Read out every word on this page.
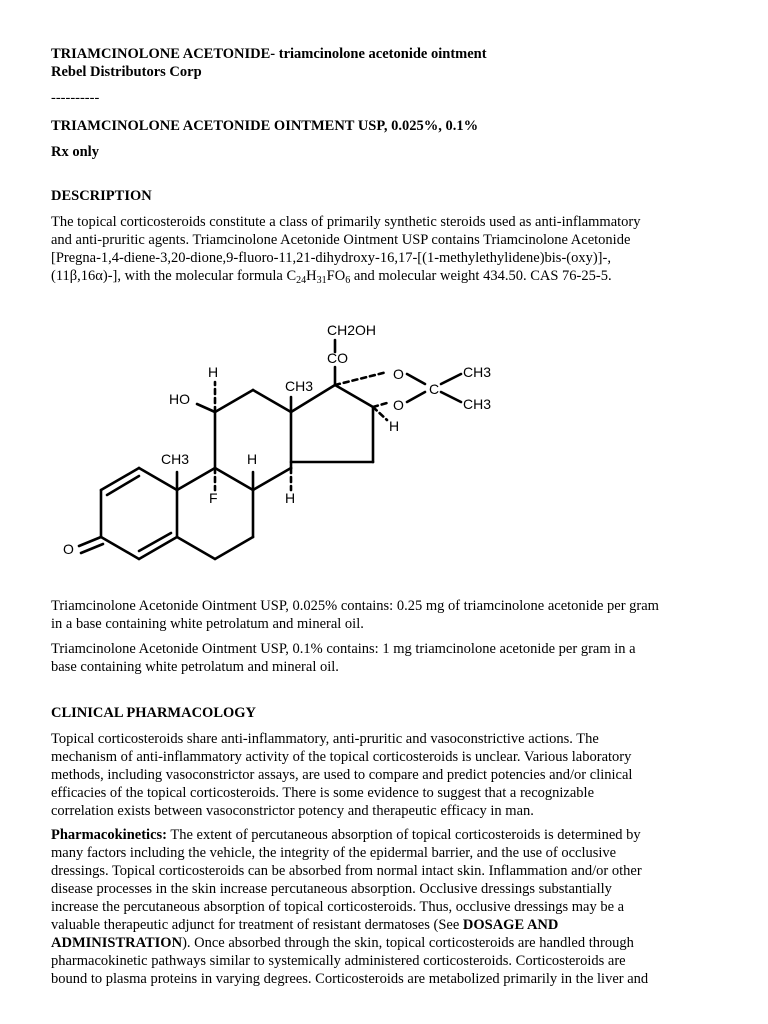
TRIAMCINOLONE ACETONIDE- triamcinolone acetonide ointment

Rebel Distributors Corp

----------

TRIAMCINOLONE ACETONIDE OINTMENT USP, 0.025%, 0.1%

Rx only

DESCRIPTION

The topical corticosteroids constitute a class of primarily synthetic steroids used as anti-inflammatory

and anti-pruritic agents. Triamcinolone Acetonide Ointment USP contains Triamcinolone Acetonide

[Pregna-1,4-diene-3,20-dione,9-fluoro-11,21-dihydroxy-16,17-[(1-methylethylidene)bis-(oxy)]-,

(11β,16α)-], with the molecular formula $C_{24}H_{31}FO_6$ and molecular weight 434.50. CAS 76-25-5.

CH2OH
CO
H
HO
CH3
O
C
CH3
O	CH3
H
CH3	H
F	H
O

Triamcinolone Acetonide Ointment USP, 0.025% contains: 0.25 mg of triamcinolone acetonide per gram

in a base containing white petrolatum and mineral oil.

Triamcinolone Acetonide Ointment USP, 0.1% contains: 1 mg triamcinolone acetonide per gram in a

base containing white petrolatum and mineral oil.

CLINICAL PHARMACOLOGY

Topical corticosteroids share anti-inflammatory, anti-pruritic and vasoconstrictive actions. The

mechanism of anti-inflammatory activity of the topical corticosteroids is unclear. Various laboratory

methods, including vasoconstrictor assays, are used to compare and predict potencies and/or clinical

efficacies of the topical corticosteroids. There is some evidence to suggest that a recognizable

correlation exists between vasoconstrictor potency and therapeutic efficacy in man.

Pharmacokinetics: The extent of percutaneous absorption of topical corticosteroids is determined by

many factors including the vehicle, the integrity of the epidermal barrier, and the use of occlusive

dressings. Topical corticosteroids can be absorbed from normal intact skin. Inflammation and/or other

disease processes in the skin increase percutaneous absorption. Occlusive dressings substantially

increase the percutaneous absorption of topical corticosteroids. Thus, occlusive dressings may be a

valuable therapeutic adjunct for treatment of resistant dermatoses (See DOSAGE AND

ADMINISTRATION). Once absorbed through the skin, topical corticosteroids are handled through

pharmacokinetic pathways similar to systemically administered corticosteroids. Corticosteroids are

bound to plasma proteins in varying degrees. Corticosteroids are metabolized primarily in the liver and
